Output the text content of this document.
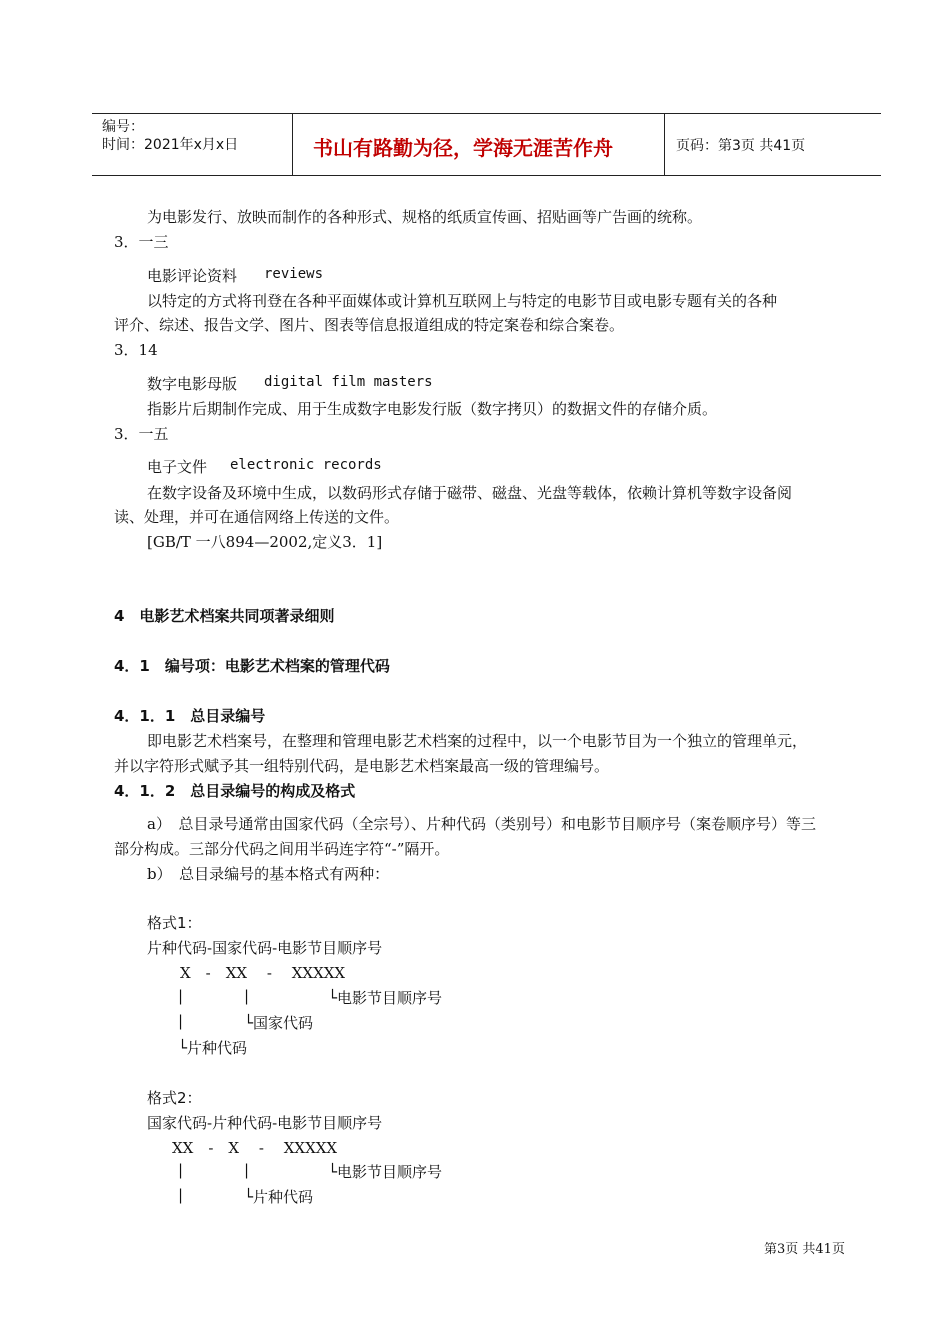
编号：
时间：2021年x月x日	书山有路勤为径，学海无涯苦作舟	页码：第3页 共41页
为电影发行、放映而制作的各种形式、规格的纸质宣传画、招贴画等广告画的统称。
3．一三
电影评论资料 reviews
以特定的方式将刊登在各种平面媒体或计算机互联网上与特定的电影节目或电影专题有关的各种
评介、综述、报告文学、图片、图表等信息报道组成的特定案卷和综合案卷。
3．14
数字电影母版 digital film masters
指影片后期制作完成、用于生成数字电影发行版（数字拷贝）的数据文件的存储介质。
3．一五
电子文件 electronic records
在数字设备及环境中生成，以数码形式存储于磁带、磁盘、光盘等载体，依赖计算机等数字设备阅
读、处理，并可在通信网络上传送的文件。
[GB/T 一八894—2002,定义3．1]
4　电影艺术档案共同项著录细则
4．1　编号项：电影艺术档案的管理代码
4．1．1　总目录编号
即电影艺术档案号，在整理和管理电影艺术档案的过程中，以一个电影节目为一个独立的管理单元，
并以字符形式赋予其一组特别代码，是电影艺术档案最高一级的管理编号。
4．1．2　总目录编号的构成及格式
a）　总目录号通常由国家代码（全宗号）、片种代码（类别号）和电影节目顺序号（案卷顺序号）等三
部分构成。三部分代码之间用半码连字符“-”隔开。
b）　总目录编号的基本格式有两种：
格式1：
片种代码-国家代码-电影节目顺序号
X　-　XX　 -　 XXXXX
|	|	└电影节目顺序号
|	└国家代码
└片种代码
格式2：
国家代码-片种代码-电影节目顺序号
XX　-　X　 -　 XXXXX
|	|	└电影节目顺序号
|	└片种代码
第3页 共41页
